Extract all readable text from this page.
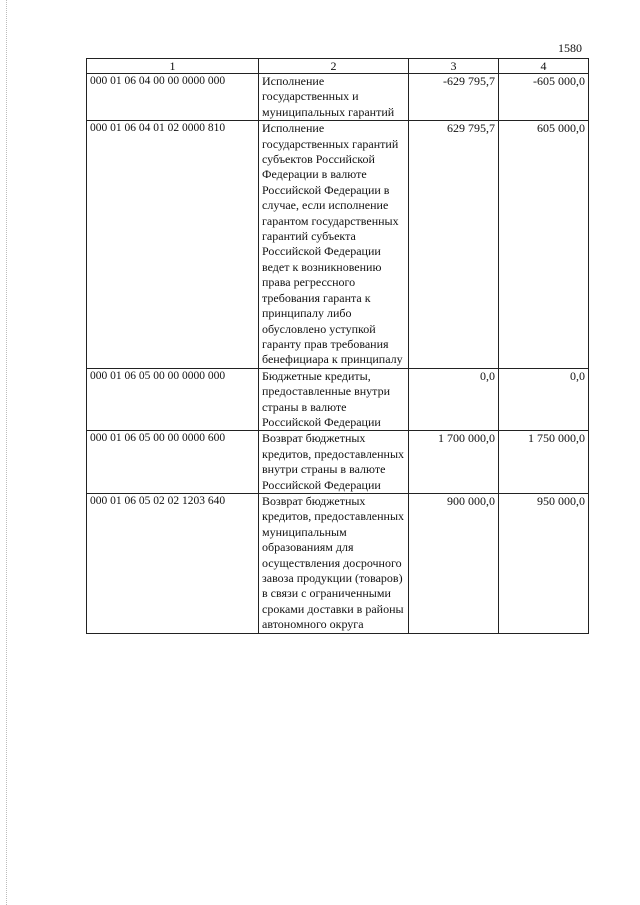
1580
1	2	3	4
000 01 06 04 00 00 0000 000	Исполнение государственных и муниципальных гарантий	-629 795,7	-605 000,0
000 01 06 04 01 02 0000 810	Исполнение государственных гарантий субъектов Российской Федерации в валюте Российской Федерации в случае, если исполнение гарантом государственных гарантий субъекта Российской Федерации ведет к возникновению права регрессного требования гаранта к принципалу либо обусловлено уступкой гаранту прав требования бенефициара к принципалу	629 795,7	605 000,0
000 01 06 05 00 00 0000 000	Бюджетные кредиты, предоставленные внутри страны в валюте Российской Федерации	0,0	0,0
000 01 06 05 00 00 0000 600	Возврат бюджетных кредитов, предоставленных внутри страны в валюте Российской Федерации	1 700 000,0	1 750 000,0
000 01 06 05 02 02 1203 640	Возврат бюджетных кредитов, предоставленных муниципальным образованиям для осуществления досрочного завоза продукции (товаров) в связи с ограниченными сроками доставки в районы автономного округа	900 000,0	950 000,0
